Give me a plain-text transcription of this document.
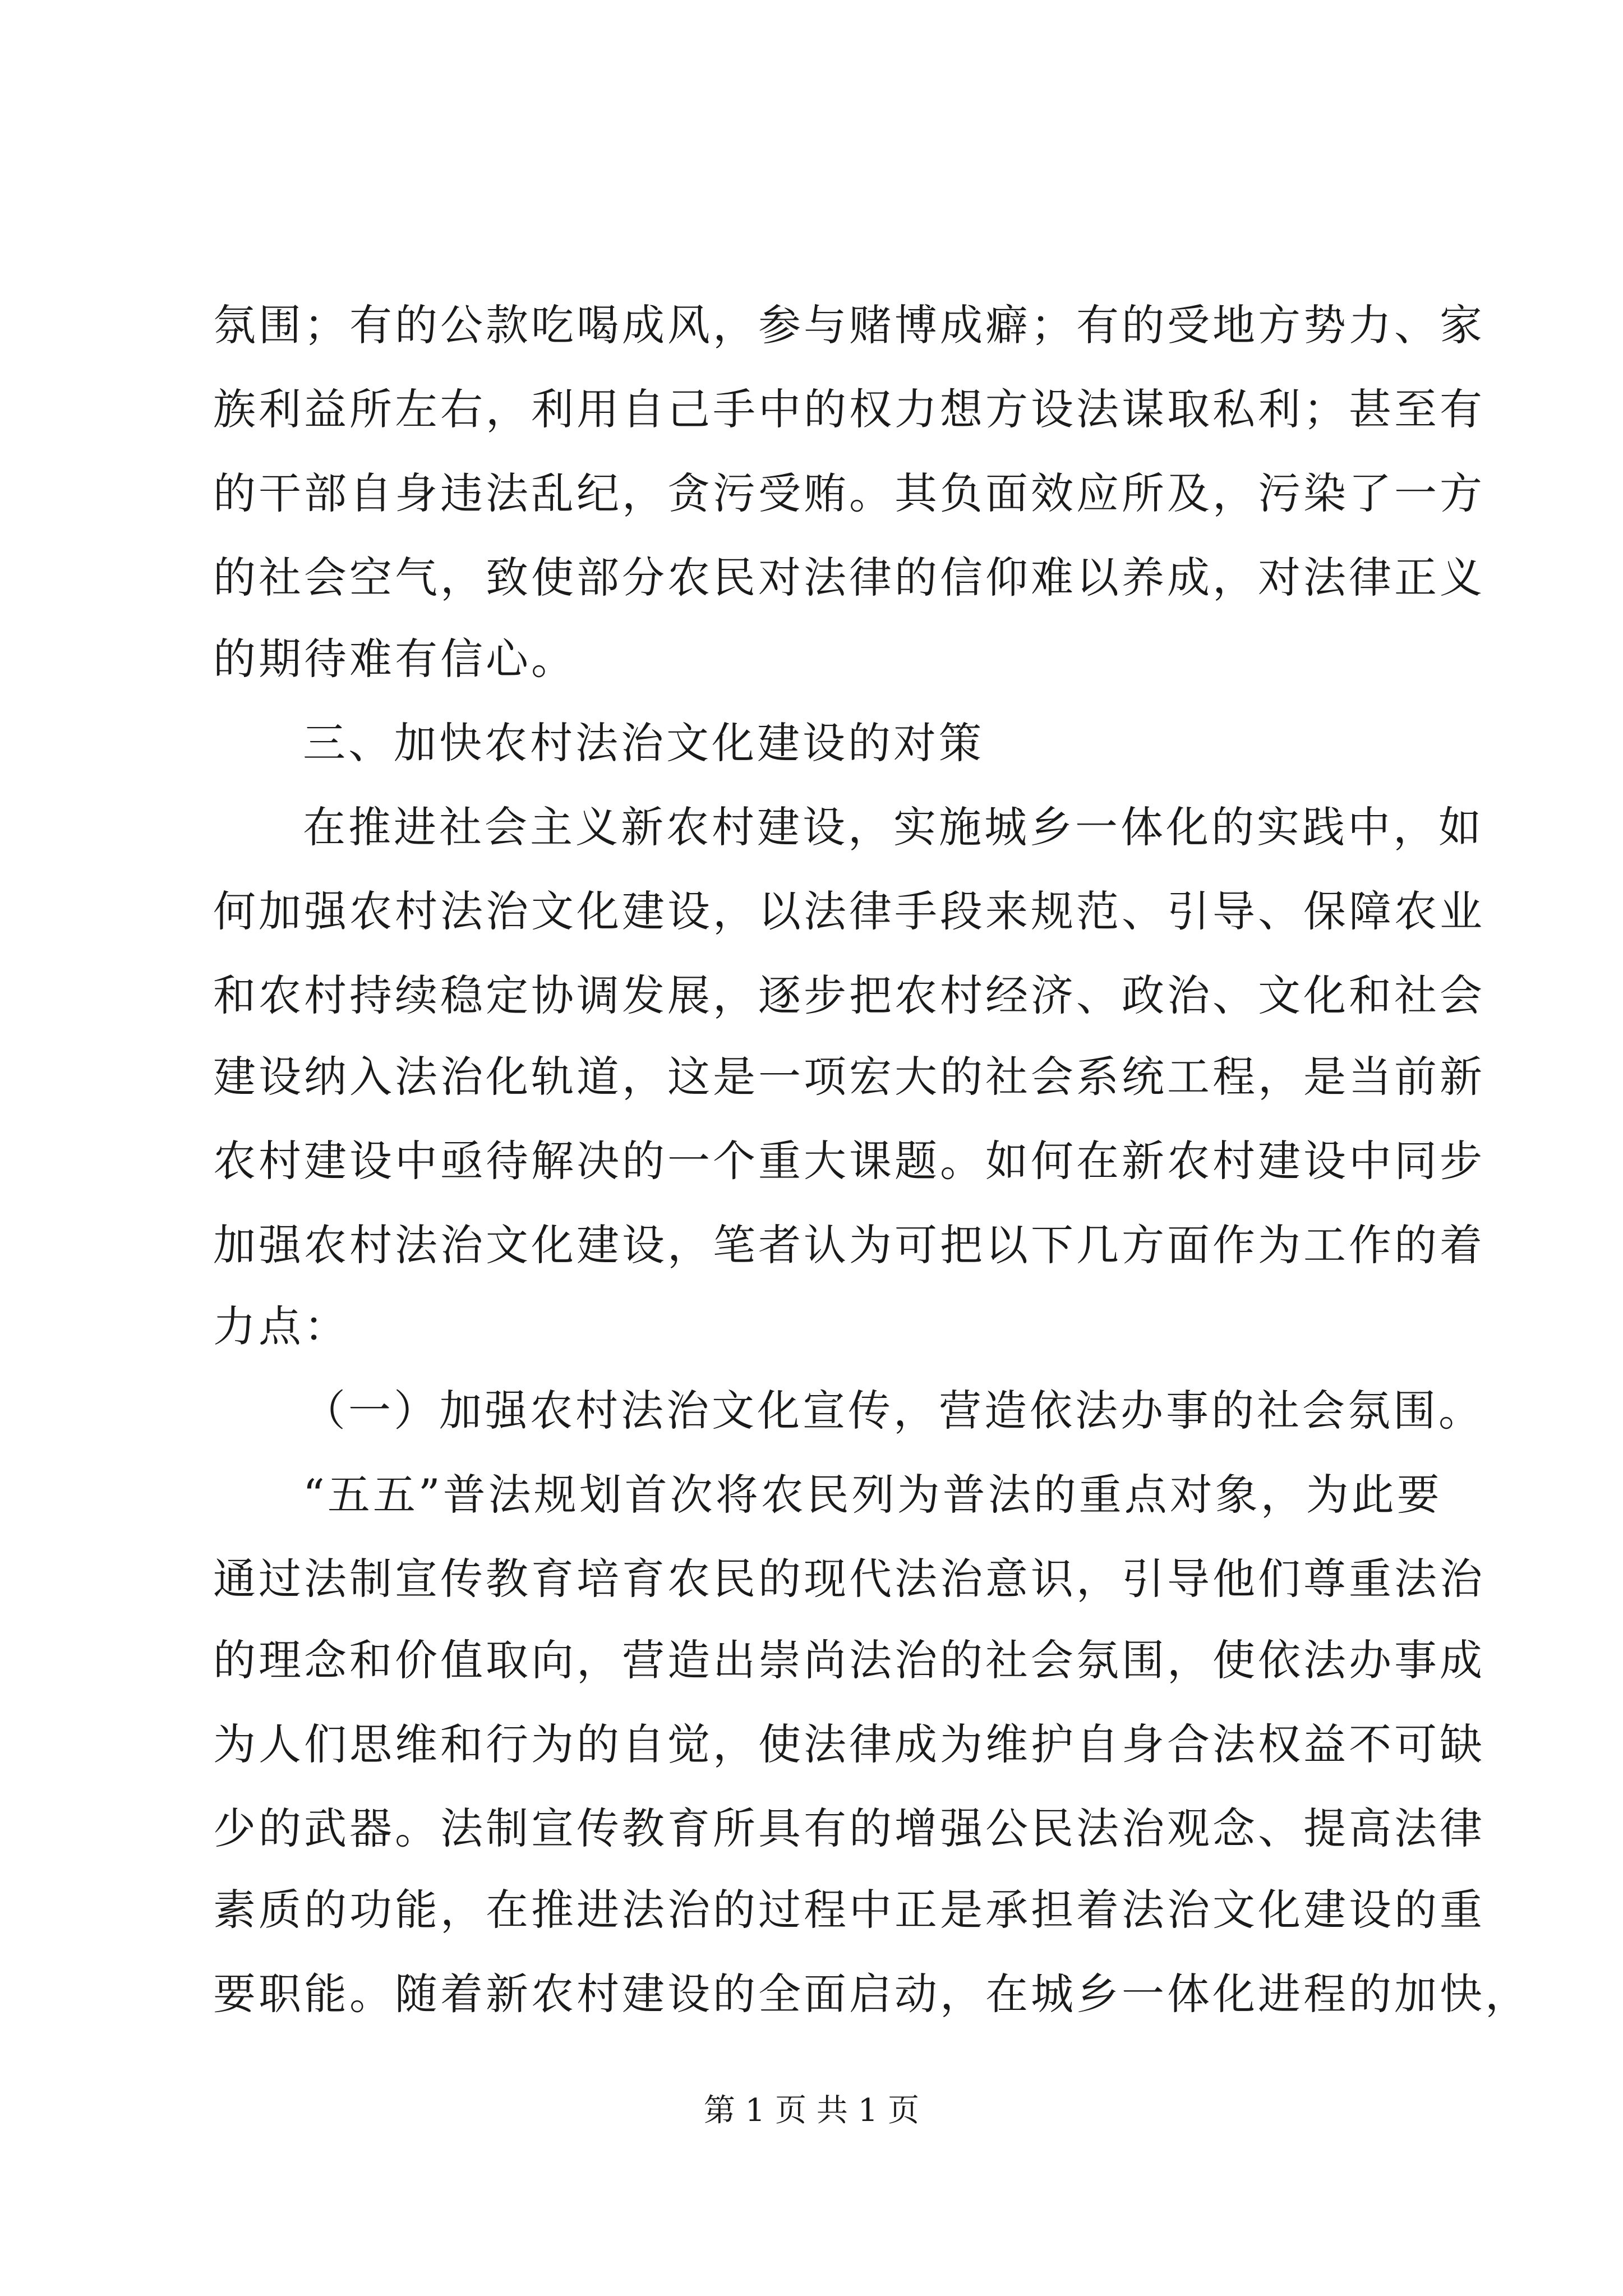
氛围；有的公款吃喝成风，参与赌博成癖；有的受地方势力、家
族利益所左右，利用自己手中的权力想方设法谋取私利；甚至有
的干部自身违法乱纪，贪污受贿。其负面效应所及，污染了一方
的社会空气，致使部分农民对法律的信仰难以养成，对法律正义
的期待难有信心。
三、加快农村法治文化建设的对策
在推进社会主义新农村建设，实施城乡一体化的实践中，如
何加强农村法治文化建设，以法律手段来规范、引导、保障农业
和农村持续稳定协调发展，逐步把农村经济、政治、文化和社会
建设纳入法治化轨道，这是一项宏大的社会系统工程，是当前新
农村建设中亟待解决的一个重大课题。如何在新农村建设中同步
加强农村法治文化建设，笔者认为可把以下几方面作为工作的着
力点：
（一）加强农村法治文化宣传，营造依法办事的社会氛围。
“五五”普法规划首次将农民列为普法的重点对象，为此要
通过法制宣传教育培育农民的现代法治意识，引导他们尊重法治
的理念和价值取向，营造出崇尚法治的社会氛围，使依法办事成
为人们思维和行为的自觉，使法律成为维护自身合法权益不可缺
少的武器。法制宣传教育所具有的增强公民法治观念、提高法律
素质的功能，在推进法治的过程中正是承担着法治文化建设的重
要职能。随着新农村建设的全面启动，在城乡一体化进程的加快，
第 1 页 共 1 页
